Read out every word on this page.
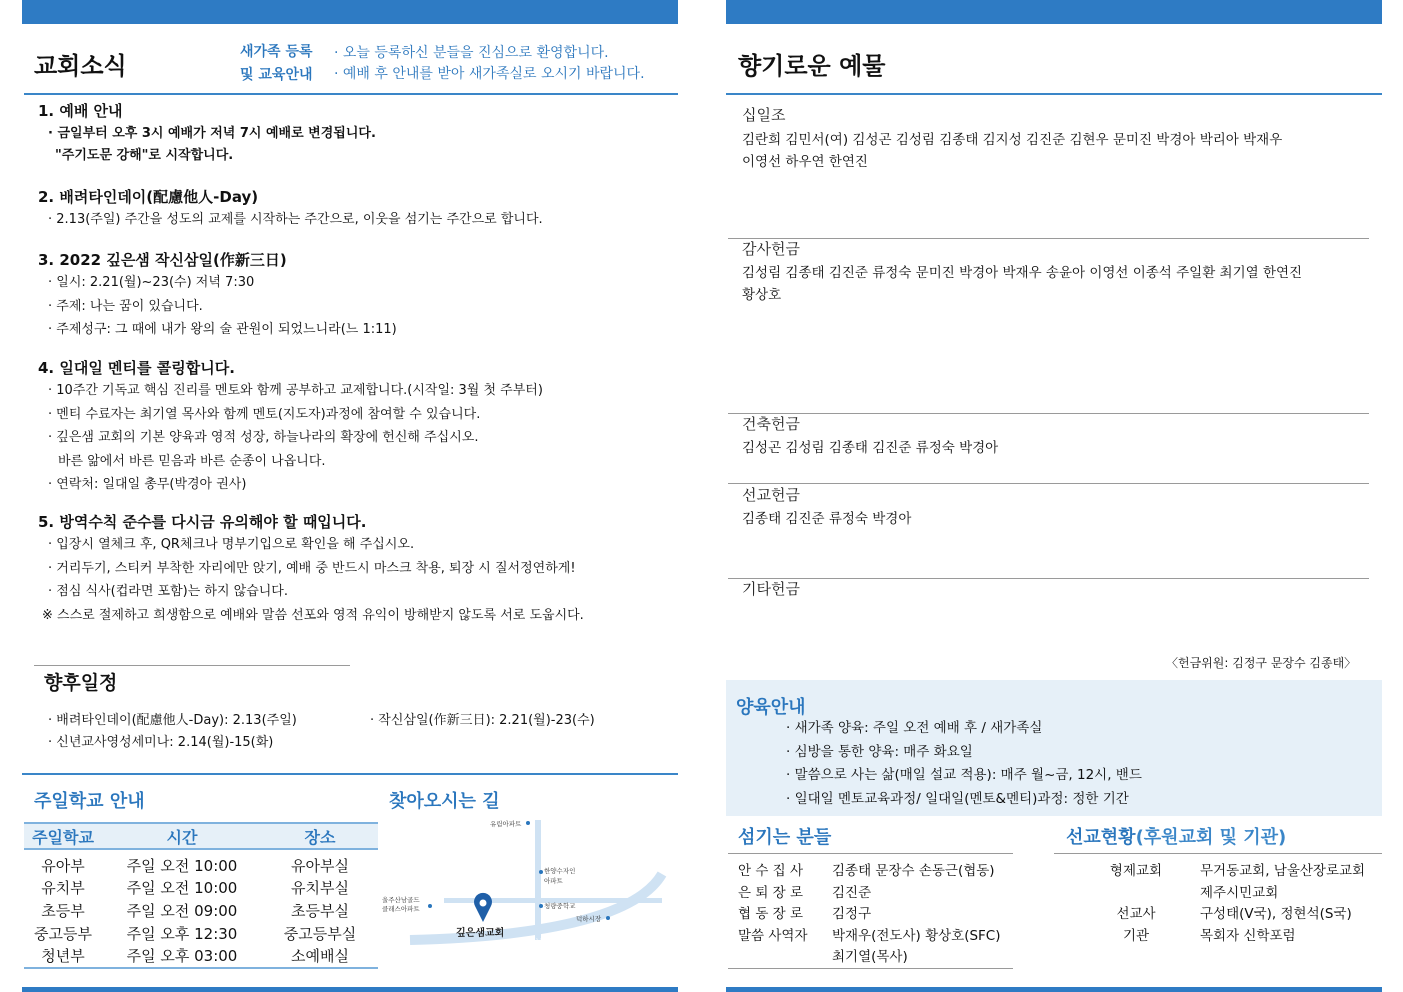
교회소식	새가족 등록
및 교육안내
· 오늘 등록하신 분들을 진심으로 환영합니다.
· 예배 후 안내를 받아 새가족실로 오시기 바랍니다.
1. 예배 안내
· 금일부터 오후 3시 예배가 저녁 7시 예배로 변경됩니다.
"주기도문 강해"로 시작합니다.
2. 배려타인데이(配慮他人-Day)
· 2.13(주일) 주간을 성도의 교제를 시작하는 주간으로, 이웃을 섬기는 주간으로 합니다.
3. 2022 깊은샘 작신삼일(作新三日)
· 일시: 2.21(월)~23(수) 저녁 7:30
· 주제: 나는 꿈이 있습니다.
· 주제성구: 그 때에 내가 왕의 술 관원이 되었느니라(느 1:11)
4. 일대일 멘티를 콜링합니다.
· 10주간 기독교 핵심 진리를 멘토와 함께 공부하고 교제합니다.(시작일: 3월 첫 주부터)
· 멘티 수료자는 최기열 목사와 함께 멘토(지도자)과정에 참여할 수 있습니다.
· 깊은샘 교회의 기본 양육과 영적 성장, 하늘나라의 확장에 헌신해 주십시오.
바른 앎에서 바른 믿음과 바른 순종이 나옵니다.
· 연락처: 일대일 총무(박경아 권사)
5. 방역수칙 준수를 다시금 유의해야 할 때입니다.
· 입장시 열체크 후, QR체크나 명부기입으로 확인을 해 주십시오.
· 거리두기, 스티커 부착한 자리에만 앉기, 예배 중 반드시 마스크 착용, 퇴장 시 질서정연하게!
· 점심 식사(컵라면 포함)는 하지 않습니다.
※ 스스로 절제하고 희생함으로 예배와 말씀 선포와 영적 유익이 방해받지 않도록 서로 도웁시다.
향후일정
· 배려타인데이(配慮他人-Day): 2.13(주일)	· 작신삼일(作新三日): 2.21(월)-23(수)
· 신년교사영성세미나: 2.14(월)-15(화)
주일학교 안내
주일학교	시간	장소
유아부	주일 오전 10:00	유아부실
유치부	주일 오전 10:00	유치부실
초등부	주일 오전 09:00	초등부실
중고등부	주일 오후 12:30	중고등부실
청년부	주일 오후 03:00	소예배실
찾아오시는 길
유림아파트
한양수자인
아파트
청량중학교
덕하시장
울주산남골드
클래스아파트
깊은샘교회
울산신문로	청량읍 거리
향기로운 예물
십일조
김란희 김민서(여) 김성곤 김성림 김종태 김지성 김진준 김현우 문미진 박경아 박리아 박재우
이영선 하우연 한연진
감사헌금
김성림 김종태 김진준 류정숙 문미진 박경아 박재우 송윤아 이영선 이종석 주일환 최기열 한연진
황상호
건축헌금
김성곤 김성림 김종태 김진준 류정숙 박경아
선교헌금
김종태 김진준 류정숙 박경아
기타헌금
〈헌금위원: 김정구 문장수 김종태〉
양육안내
· 새가족 양육: 주일 오전 예배 후 / 새가족실
· 심방을 통한 양육: 매주 화요일
· 말씀으로 사는 삶(매일 설교 적용): 매주 월~금, 12시, 밴드
· 일대일 멘토교육과정/ 일대일(멘토&멘티)과정: 정한 기간
섬기는 분들
안 수 집 사	김종태 문장수 손동근(협동)
은 퇴 장 로	김진준
협 동 장 로	김정구
말씀 사역자	박재우(전도사) 황상호(SFC)
	최기열(목사)
선교현황(후원교회 및 기관)
형제교회	무거동교회, 남울산장로교회
	제주시민교회
선교사	구성태(V국), 정현석(S국)
기관	목회자 신학포럼
